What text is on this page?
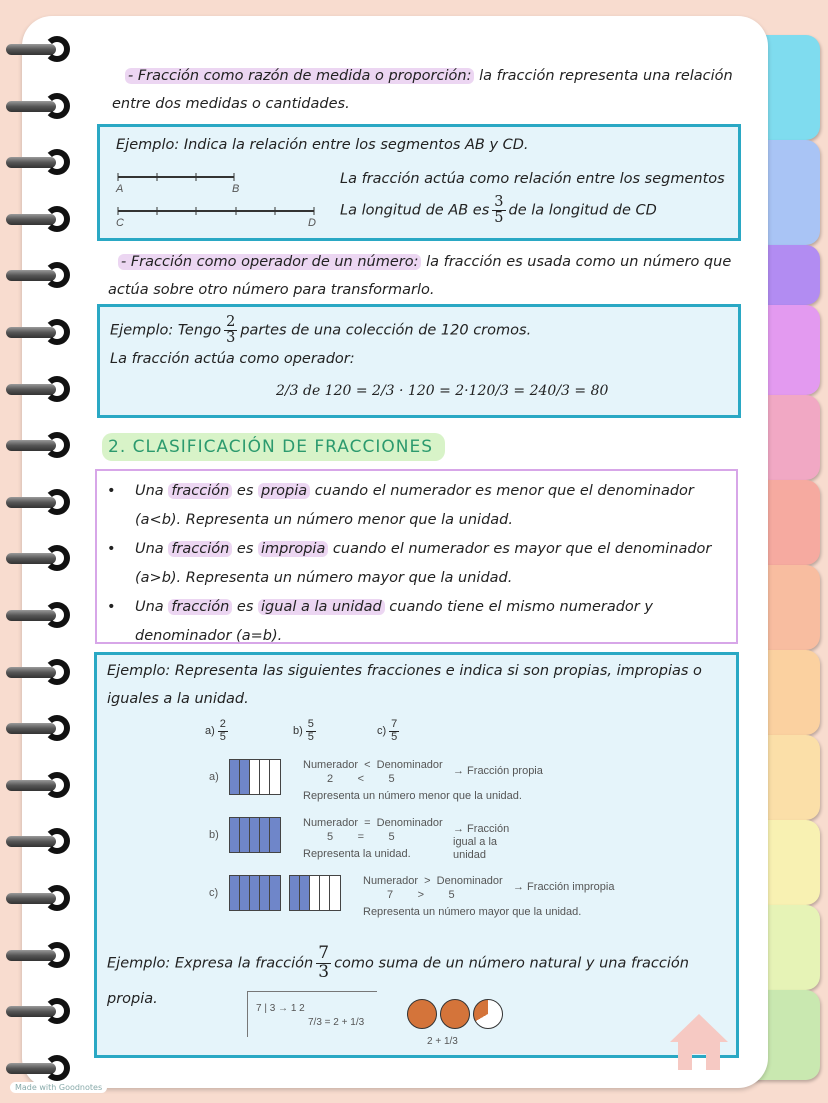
- Fracción como razón de medida o proporción: la fracción representa una relación
entre dos medidas o cantidades.
Ejemplo: Indica la relación entre los segmentos AB y CD.
A	B
C	D
La fracción actúa como relación entre los segmentos
La longitud de AB es $\frac{3}{5}$ de la longitud de CD
- Fracción como operador de un número: la fracción es usada como un número que
actúa sobre otro número para transformarlo.
Ejemplo: Tengo $\frac{2}{3}$ partes de una colección de 120 cromos.
La fracción actúa como operador:
2/3 de 120 = 2/3 · 120 = 2·120/3 = 240/3 = 80
2. CLASIFICACIÓN DE FRACCIONES
• Una fracción es propia cuando el numerador es menor que el denominador
(a<b). Representa un número menor que la unidad.
• Una fracción es impropia cuando el numerador es mayor que el denominador
(a>b). Representa un número mayor que la unidad.
• Una fracción es igual a la unidad cuando tiene el mismo numerador y
denominador (a=b).
Ejemplo: Representa las siguientes fracciones e indica si son propias, impropias o
iguales a la unidad.
$a) \frac{2}{5}$	$b) \frac{5}{5}$	$c) \frac{7}{5}$
a)
Numerador  <  Denominador
2        <        5
→ Fracción propia
Representa un número menor que la unidad.
b)
Numerador  =  Denominador
5        =        5
→ Fracción igual a la unidad
Representa la unidad.
c)
Numerador  >  Denominador
7        >        5
→ Fracción impropia
Representa un número mayor que la unidad.
Ejemplo: Expresa la fracción $\frac{7}{3}$ como suma de un número natural y una fracción
propia.
7 | 3 → 1 2
7/3 = 2 + 1/3
2 + 1/3
Made with Goodnotes
